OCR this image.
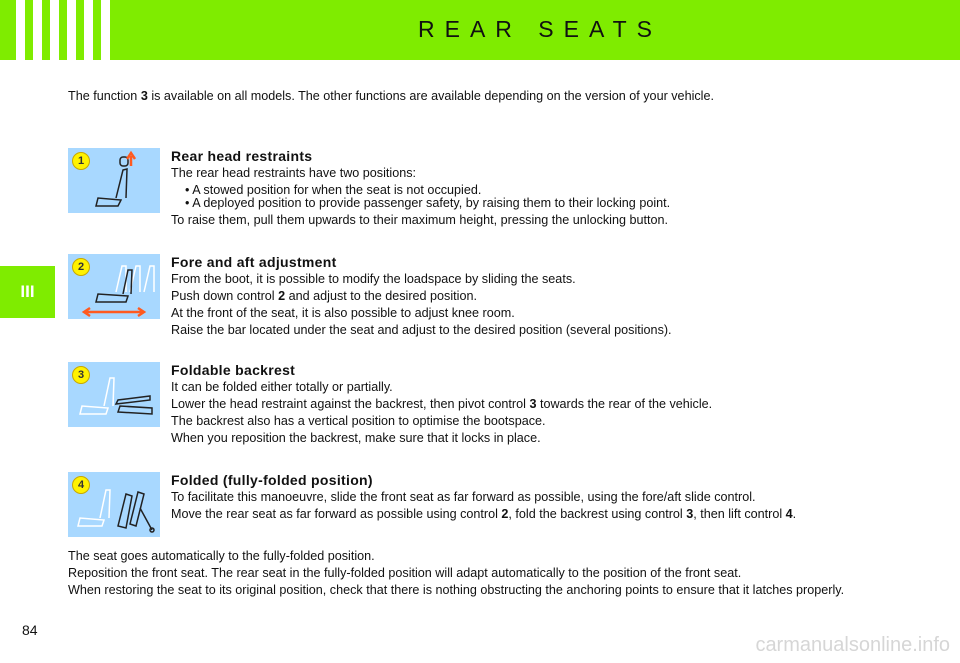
REAR SEATS
III
The function 3 is available on all models. The other functions are available depending on the version of your vehicle.
1	Rear head restraints

The rear head restraints have two positions:

• A stowed position for when the seat is not occupied.

• A deployed position to provide passenger safety, by raising them to their locking point.

To raise them, pull them upwards to their maximum height, pressing the unlocking button.

2	Fore and aft adjustment

From the boot, it is possible to modify the loadspace by sliding the seats.

Push down control 2 and adjust to the desired position.

At the front of the seat, it is also possible to adjust knee room.

Raise the bar located under the seat and adjust to the desired position (several positions).

3	Foldable backrest

It can be folded either totally or partially.

Lower the head restraint against the backrest, then pivot control 3 towards the rear of the vehicle.

The backrest also has a vertical position to optimise the bootspace.

When you reposition the backrest, make sure that it locks in place.

4	Folded (fully-folded position)

To facilitate this manoeuvre, slide the front seat as far forward as possible, using the fore/aft slide control.

Move the rear seat as far forward as possible using control 2, fold the backrest using control 3, then lift control 4.

The seat goes automatically to the fully-folded position.

Reposition the front seat. The rear seat in the fully-folded position will adapt automatically to the position of the front seat.

When restoring the seat to its original position, check that there is nothing obstructing the anchoring points to ensure that it latches properly.

84
carmanualsonline.info
